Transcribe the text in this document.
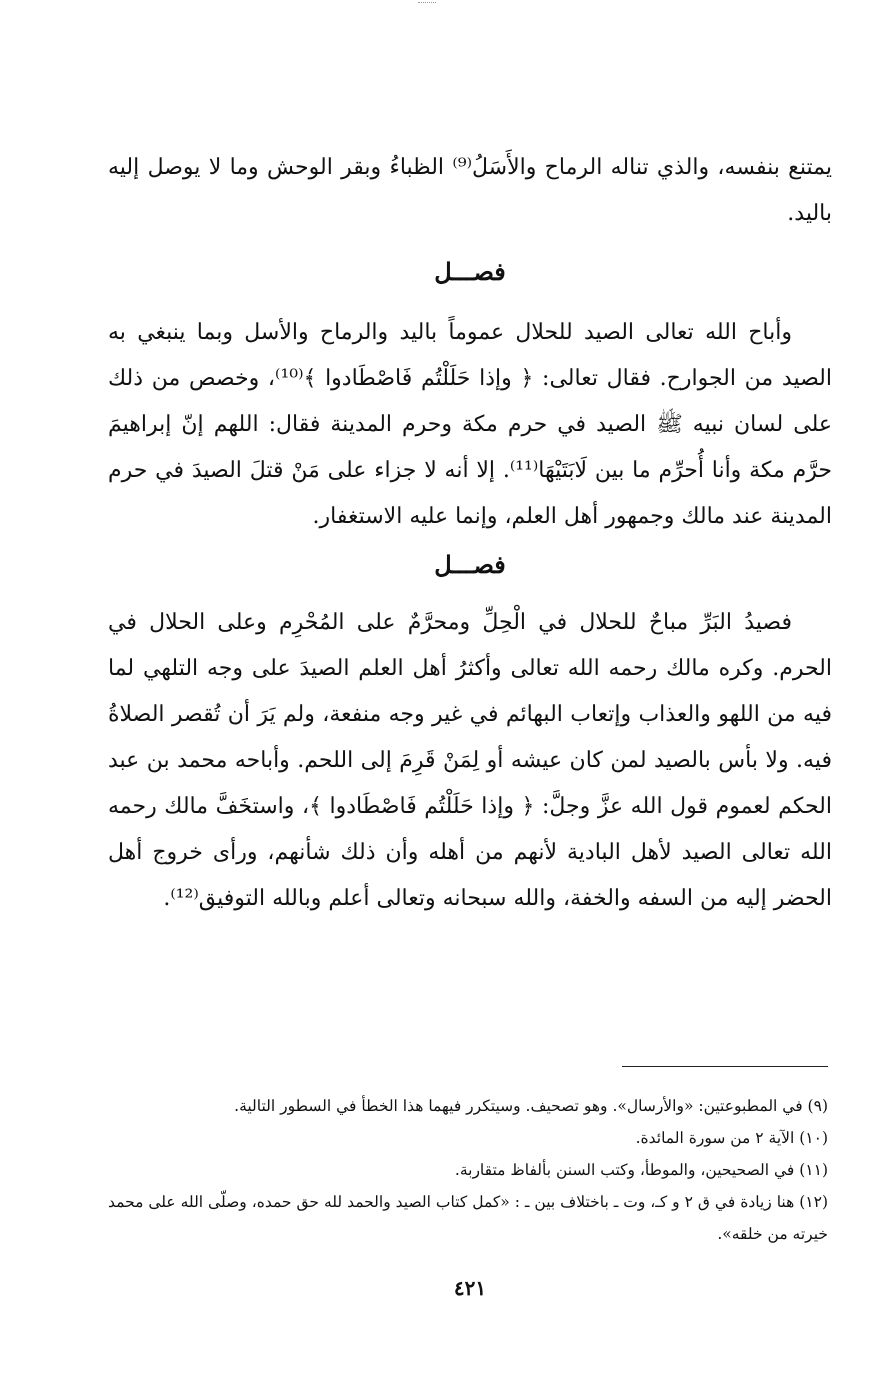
يمتنع بنفسه، والذي تناله الرماح والأَسَلُ⁽⁹⁾ الظباءُ وبقر الوحش وما لا يوصل إليه باليد.

فصـــل

وأباح الله تعالى الصيد للحلال عموماً باليد والرماح والأسل وبما ينبغي به الصيد من الجوارح. فقال تعالى: ﴿ وإذا حَلَلْتُم فَاصْطَادوا ﴾⁽¹⁰⁾، وخصص من ذلك على لسان نبيه ﷺ الصيد في حرم مكة وحرم المدينة فقال: اللهم إنّ إبراهيمَ حرَّم مكة وأنا أُحرِّم ما بين لَابَتَيْهَا⁽¹¹⁾. إلا أنه لا جزاء على مَنْ قتلَ الصيدَ في حرم المدينة عند مالك وجمهور أهل العلم، وإنما عليه الاستغفار.

فصـــل

فصيدُ البَرِّ مباحٌ للحلال في الْحِلِّ ومحرَّمٌ على المُحْرِم وعلى الحلال في الحرم. وكره مالك رحمه الله تعالى وأكثرُ أهل العلم الصيدَ على وجه التلهي لما فيه من اللهو والعذاب وإتعاب البهائم في غير وجه منفعة، ولم يَرَ أن تُقصر الصلاةُ فيه. ولا بأس بالصيد لمن كان عيشه أو لِمَنْ قَرِمَ إلى اللحم. وأباحه محمد بن عبد الحكم لعموم قول الله عزَّ وجلَّ: ﴿ وإذا حَلَلْتُم فَاصْطَادوا ﴾، واستخَفَّ مالك رحمه الله تعالى الصيد لأهل البادية لأنهم من أهله وأن ذلك شأنهم، ورأى خروج أهل الحضر إليه من السفه والخفة، والله سبحانه وتعالى أعلم وبالله التوفيق⁽¹²⁾.

(٩) في المطبوعتين: «والأرسال». وهو تصحيف. وسيتكرر فيهما هذا الخطأ في السطور التالية.

(١٠) الآية ٢ من سورة المائدة.

(١١) في الصحيحين، والموطأ، وكتب السنن بألفاظ متقاربة.

(١٢) هنا زيادة في ق ٢ و كـ، وت ـ باختلاف بين ـ : «كمل كتاب الصيد والحمد لله حق حمده، وصلّى الله على محمد خيرته من خلقه».

٤٢١
